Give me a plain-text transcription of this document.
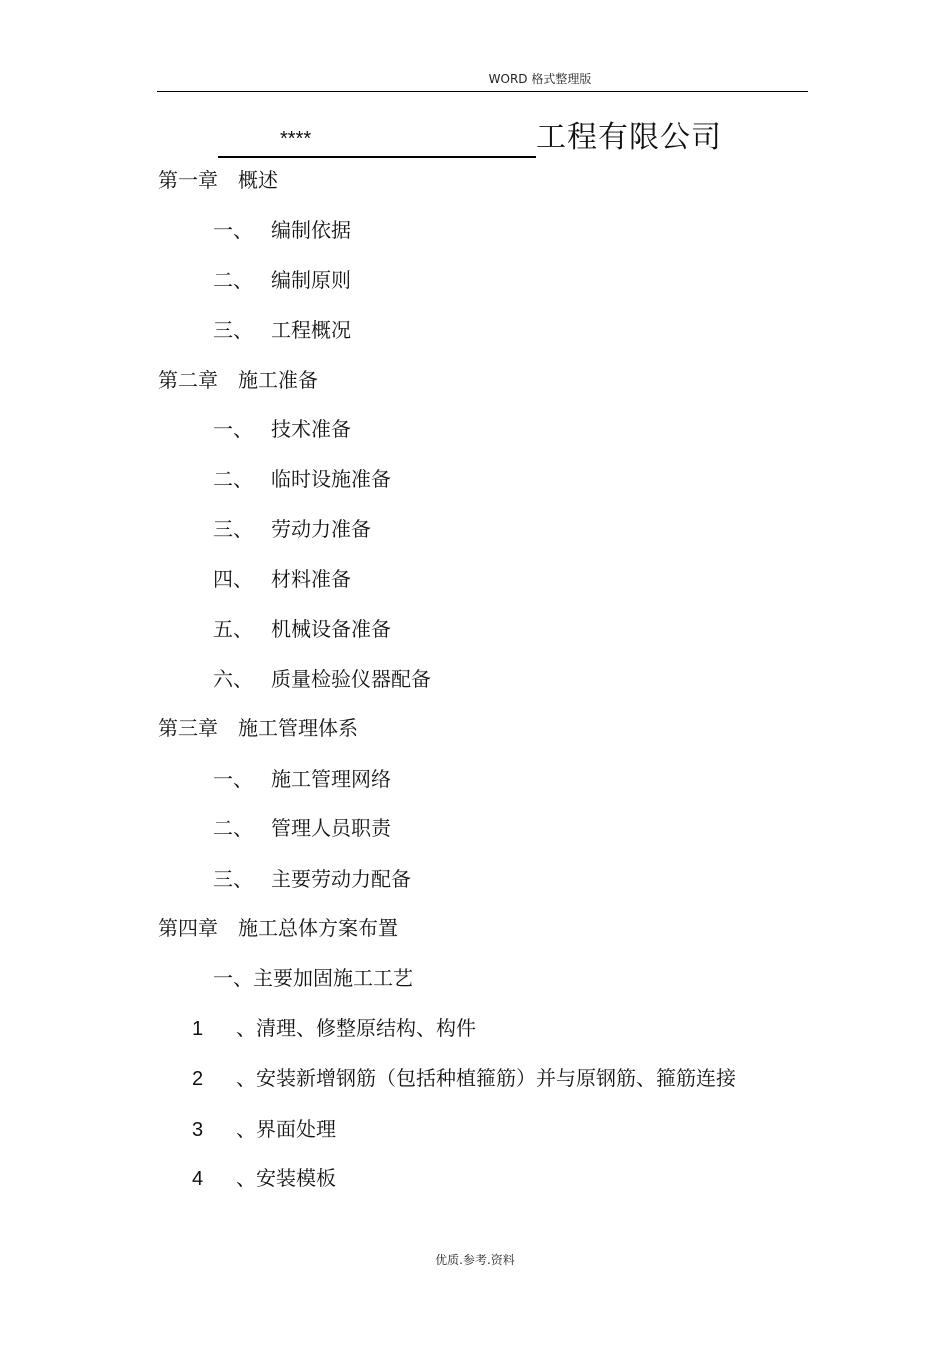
WORD 格式整理版
****	工程有限公司
第一章 概述
一、 编制依据
二、 编制原则
三、 工程概况
第二章 施工准备
一、 技术准备
二、 临时设施准备
三、 劳动力准备
四、 材料准备
五、 机械设备准备
六、 质量检验仪器配备
第三章 施工管理体系
一、 施工管理网络
二、 管理人员职责
三、 主要劳动力配备
第四章 施工总体方案布置
一、主要加固施工工艺
1 、清理、修整原结构、构件
2 、安装新增钢筋（包括种植箍筋）并与原钢筋、箍筋连接
3 、界面处理
4 、安装模板
优质.参考.资料
